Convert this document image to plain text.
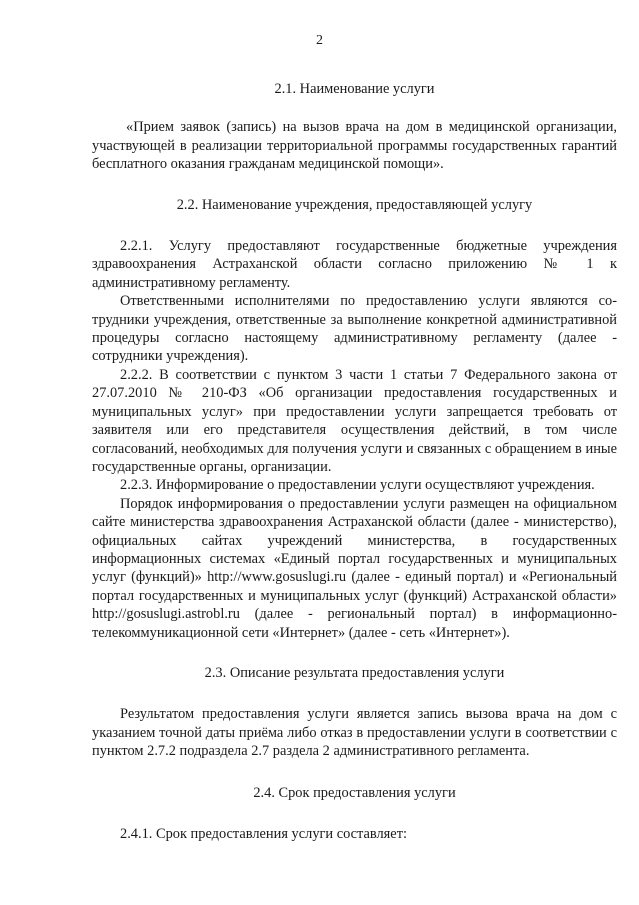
2

2.1. Наименование услуги

«Прием заявок (запись) на вызов врача на дом в медицинской организации, участвующей в реализации территориальной программы государственных гарантий бесплатного оказания гражданам медицинской помощи».

2.2. Наименование учреждения, предоставляющей услугу

2.2.1. Услугу предоставляют государственные бюджетные учреждения здравоохранения Астраханской области согласно приложению № 1 к административному регламенту.

Ответственными исполнителями по предоставлению услуги являются сотрудники учреждения, ответственные за выполнение конкретной административной процедуры согласно настоящему административному регламенту (далее - сотрудники учреждения).

2.2.2. В соответствии с пунктом 3 части 1 статьи 7 Федерального закона от 27.07.2010 № 210-ФЗ «Об организации предоставления государственных и муниципальных услуг» при предоставлении услуги запрещается требовать от заявителя или его представителя осуществления действий, в том числе согласований, необходимых для получения услуги и связанных с обращением в иные государственные органы, организации.

2.2.3. Информирование о предоставлении услуги осуществляют учреждения.

Порядок информирования о предоставлении услуги размещен на официальном сайте министерства здравоохранения Астраханской области (далее - министерство), официальных сайтах учреждений министерства, в государственных информационных системах «Единый портал государственных и муниципальных услуг (функций)» http://www.gosuslugi.ru (далее - единый портал) и «Региональный портал государственных и муниципальных услуг (функций) Астраханской области» http://gosuslugi.astrobl.ru (далее - региональный портал) в информационно-телекоммуникационной сети «Интернет» (далее - сеть «Интернет»).

2.3. Описание результата предоставления услуги

Результатом предоставления услуги является запись вызова врача на дом с указанием точной даты приёма либо отказ в предоставлении услуги в соответствии с пунктом 2.7.2 подраздела 2.7 раздела 2 административного регламента.

2.4. Срок предоставления услуги

2.4.1. Срок предоставления услуги составляет:
